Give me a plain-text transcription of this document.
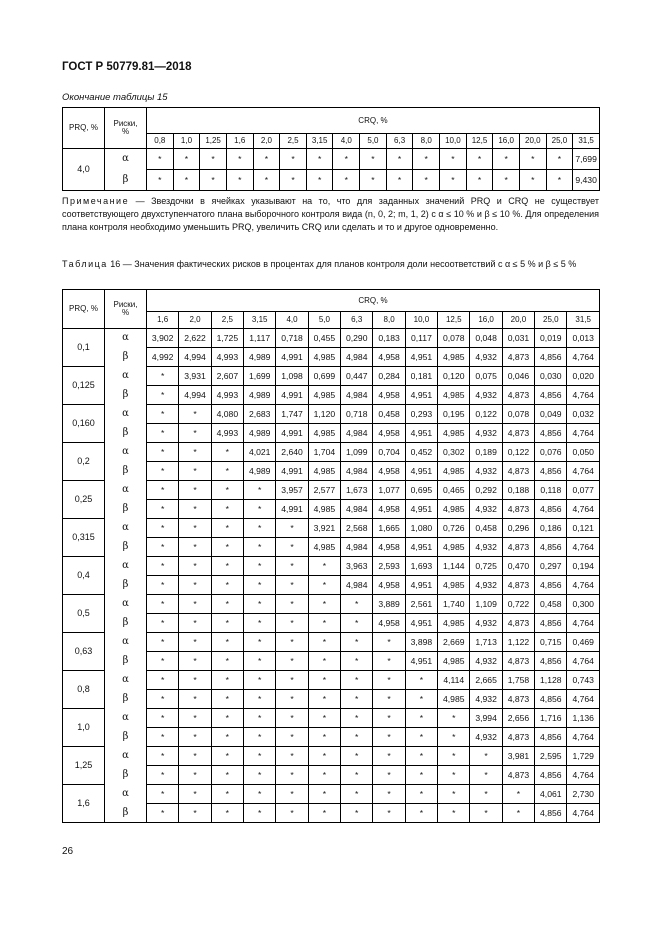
ГОСТ Р 50779.81—2018
Окончание таблицы 15
PRQ, %	Риски, %	CRQ, %																
		0,8	1,0	1,25	1,6	2,0	2,5	3,15	4,0	5,0	6,3	8,0	10,0	12,5	16,0	20,0	25,0	31,5
4,0	α	*	*	*	*	*	*	*	*	*	*	*	*	*	*	*	*	7,699
	β	*	*	*	*	*	*	*	*	*	*	*	*	*	*	*	*	9,430
Примечание — Звездочки в ячейках указывают на то, что для заданных значений PRQ и CRQ не существует соответствующего двухступенчатого плана выборочного контроля вида (n, 0, 2; m, 1, 2) с α ≤ 10 % и β ≤ 10 %. Для определения плана контроля необходимо уменьшить PRQ, увеличить CRQ или сделать и то и другое одновременно.
Таблица 16 — Значения фактических рисков в процентах для планов контроля доли несоответствий с α ≤ 5 % и β ≤ 5 %
PRQ, %	Риски, %	CRQ, %													
		1,6	2,0	2,5	3,15	4,0	5,0	6,3	8,0	10,0	12,5	16,0	20,0	25,0	31,5
0,1	α	3,902	2,622	1,725	1,117	0,718	0,455	0,290	0,183	0,117	0,078	0,048	0,031	0,019	0,013
	β	4,992	4,994	4,993	4,989	4,991	4,985	4,984	4,958	4,951	4,985	4,932	4,873	4,856	4,764
0,125	α	*	3,931	2,607	1,699	1,098	0,699	0,447	0,284	0,181	0,120	0,075	0,046	0,030	0,020
	β	*	4,994	4,993	4,989	4,991	4,985	4,984	4,958	4,951	4,985	4,932	4,873	4,856	4,764
0,160	α	*	*	4,080	2,683	1,747	1,120	0,718	0,458	0,293	0,195	0,122	0,078	0,049	0,032
	β	*	*	4,993	4,989	4,991	4,985	4,984	4,958	4,951	4,985	4,932	4,873	4,856	4,764
0,2	α	*	*	*	4,021	2,640	1,704	1,099	0,704	0,452	0,302	0,189	0,122	0,076	0,050
	β	*	*	*	4,989	4,991	4,985	4,984	4,958	4,951	4,985	4,932	4,873	4,856	4,764
0,25	α	*	*	*	*	3,957	2,577	1,673	1,077	0,695	0,465	0,292	0,188	0,118	0,077
	β	*	*	*	*	4,991	4,985	4,984	4,958	4,951	4,985	4,932	4,873	4,856	4,764
0,315	α	*	*	*	*	*	3,921	2,568	1,665	1,080	0,726	0,458	0,296	0,186	0,121
	β	*	*	*	*	*	4,985	4,984	4,958	4,951	4,985	4,932	4,873	4,856	4,764
0,4	α	*	*	*	*	*	*	3,963	2,593	1,693	1,144	0,725	0,470	0,297	0,194
	β	*	*	*	*	*	*	4,984	4,958	4,951	4,985	4,932	4,873	4,856	4,764
0,5	α	*	*	*	*	*	*	*	3,889	2,561	1,740	1,109	0,722	0,458	0,300
	β	*	*	*	*	*	*	*	4,958	4,951	4,985	4,932	4,873	4,856	4,764
0,63	α	*	*	*	*	*	*	*	*	3,898	2,669	1,713	1,122	0,715	0,469
	β	*	*	*	*	*	*	*	*	4,951	4,985	4,932	4,873	4,856	4,764
0,8	α	*	*	*	*	*	*	*	*	*	4,114	2,665	1,758	1,128	0,743
	β	*	*	*	*	*	*	*	*	*	4,985	4,932	4,873	4,856	4,764
1,0	α	*	*	*	*	*	*	*	*	*	*	3,994	2,656	1,716	1,136
	β	*	*	*	*	*	*	*	*	*	*	4,932	4,873	4,856	4,764
1,25	α	*	*	*	*	*	*	*	*	*	*	*	3,981	2,595	1,729
	β	*	*	*	*	*	*	*	*	*	*	*	4,873	4,856	4,764
1,6	α	*	*	*	*	*	*	*	*	*	*	*	*	4,061	2,730
	β	*	*	*	*	*	*	*	*	*	*	*	*	4,856	4,764
26
